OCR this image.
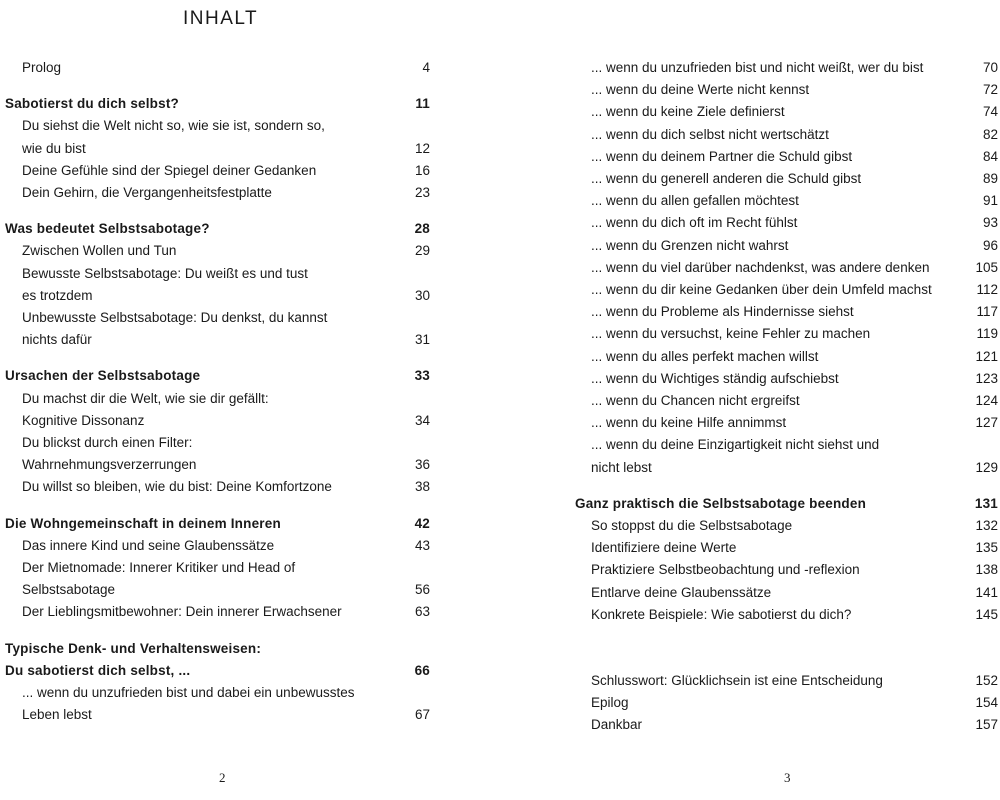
INHALT
Prolog	4
Sabotierst du dich selbst?	11
Du siehst die Welt nicht so, wie sie ist, sondern so,
wie du bist	12
Deine Gefühle sind der Spiegel deiner Gedanken	16
Dein Gehirn, die Vergangenheitsfestplatte	23
Was bedeutet Selbstsabotage?	28
Zwischen Wollen und Tun	29
Bewusste Selbstsabotage: Du weißt es und tust
es trotzdem	30
Unbewusste Selbstsabotage: Du denkst, du kannst
nichts dafür	31
Ursachen der Selbstsabotage	33
Du machst dir die Welt, wie sie dir gefällt:
Kognitive Dissonanz	34
Du blickst durch einen Filter:
Wahrnehmungsverzerrungen	36
Du willst so bleiben, wie du bist: Deine Komfortzone	38
Die Wohngemeinschaft in deinem Inneren	42
Das innere Kind und seine Glaubenssätze	43
Der Mietnomade: Innerer Kritiker und Head of
Selbstsabotage	56
Der Lieblingsmitbewohner: Dein innerer Erwachsener	63
Typische Denk- und Verhaltensweisen:
Du sabotierst dich selbst, ...	66
... wenn du unzufrieden bist und dabei ein unbewusstes
Leben lebst	67
2
... wenn du unzufrieden bist und nicht weißt, wer du bist	70
... wenn du deine Werte nicht kennst	72
... wenn du keine Ziele definierst	74
... wenn du dich selbst nicht wertschätzt	82
... wenn du deinem Partner die Schuld gibst	84
... wenn du generell anderen die Schuld gibst	89
... wenn du allen gefallen möchtest	91
... wenn du dich oft im Recht fühlst	93
... wenn du Grenzen nicht wahrst	96
... wenn du viel darüber nachdenkst, was andere denken	105
... wenn du dir keine Gedanken über dein Umfeld machst	112
... wenn du Probleme als Hindernisse siehst	117
... wenn du versuchst, keine Fehler zu machen	119
... wenn du alles perfekt machen willst	121
... wenn du Wichtiges ständig aufschiebst	123
... wenn du Chancen nicht ergreifst	124
... wenn du keine Hilfe annimmst	127
... wenn du deine Einzigartigkeit nicht siehst und
nicht lebst	129
Ganz praktisch die Selbstsabotage beenden	131
So stoppst du die Selbstsabotage	132
Identifiziere deine Werte	135
Praktiziere Selbstbeobachtung und -reflexion	138
Entlarve deine Glaubenssätze	141
Konkrete Beispiele: Wie sabotierst du dich?	145
Schlusswort: Glücklichsein ist eine Entscheidung	152
Epilog	154
Dankbar	157
3
